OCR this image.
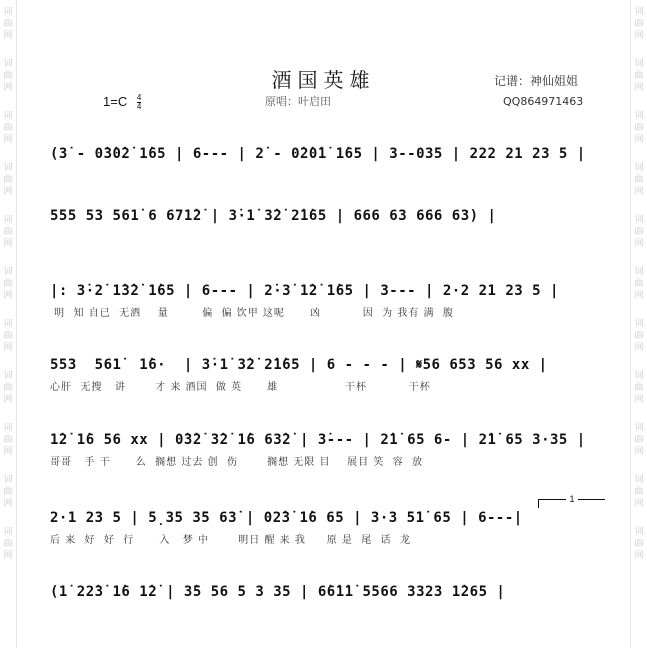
词
曲
网
词
曲
网
词
曲
网
词
曲
网
词
曲
网
词
曲
网
词
曲
网
词
曲
网
词
曲
网
词
曲
网
词
曲
网
词
曲
网
词
曲
网
词
曲
网
词
曲
网
词
曲
网
词
曲
网
词
曲
网
词
曲
网
词
曲
网
词
曲
网
词
曲
网
酒国英雄	记谱：神仙姐姐
$1=C \frac{4}{4}$	原唱：叶启田	QQ864971463
(3̇ - 0̇3̇0̇2̇ 1̇65 | 6--- | 2̇ - 0̇2̇0̇1̇ 1̇65 | 3--035 | 222 21 23 5 |
555 53 561̇ 6 671̇2̇ | 3̇·1̇ 3̇2̇ 2̇1̇65 | 666 63 666 63) |
|: 3̇·2̇ 1̇3̇2̇ 1̇65 | 6--- | 2̇·3̇ 1̇2̇ 1̇65 | 3--- | 2·2 21 23 5 |
明  知 自已  无酒    量        偏  偏 饮甲 这呢      凶          因  为 我有 满  腹
553  561̇  1̇6·  | 3̇·1̇ 3̇2̇ 2̇1̇65 | 6 - - - | 𝄋56 653 56 xx |
心肝  无搜   讲       才 来 酒国  做 英      雄                干杯          干杯
1̇2̇ 1̇6 56 xx | 0̇3̇2̇ 3̇2̇ 1̇6 63̇2̇ | 3̇--- | 2̇1̇ 65 6- | 2̇1̇ 65 3·35 |
哥哥   手 干      么  搁想 过去 创  伤       搁想 无限 目    展目 笑  容  放
1
2·1 23 5 | 5̣35 35 63̇ | 02̇3̇ 1̇6 65 | 3·3 51̇ 65 | 6---|
后 来  好  好  行      入   梦 中       明日 醒 来 我     原 是  尾  话  龙
(1̇ 22̇3̇ 1̇6 1̇2̇ | 3̇5 56 5 3 35 | 6̇6̇1̇1̇ 5566 3323 1̇265 |
